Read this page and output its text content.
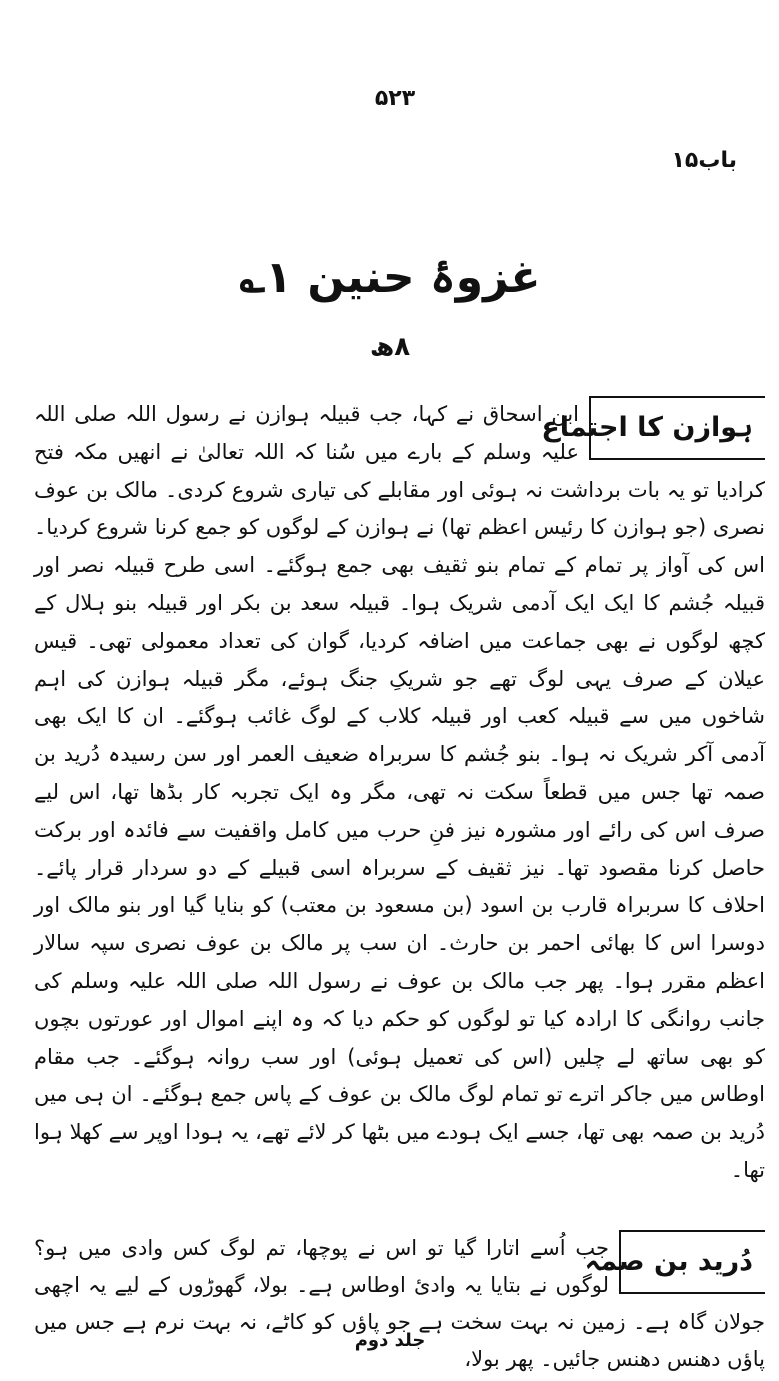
۵۲۳
باب۱۵
غزوۂ حنین ۱؎
۸ھ
ہوازن کا اجتماع

ابن اسحاق نے کہا، جب قبیلہ ہوازن نے رسول اللہ صلی اللہ علیہ وسلم کے بارے میں سُنا کہ اللہ تعالیٰ نے انھیں مکہ فتح کرادیا تو یہ بات برداشت نہ ہوئی اور مقابلے کی تیاری شروع کردی۔ مالک بن عوف نصری (جو ہوازن کا رئیس اعظم تھا) نے ہوازن کے لوگوں کو جمع کرنا شروع کردیا۔ اس کی آواز پر تمام کے تمام بنو ثقیف بھی جمع ہوگئے۔ اسی طرح قبیلہ نصر اور قبیلہ جُشم کا ایک ایک آدمی شریک ہوا۔ قبیلہ سعد بن بکر اور قبیلہ بنو ہلال کے کچھ لوگوں نے بھی جماعت میں اضافہ کردیا، گوان کی تعداد معمولی تھی۔ قیس عیلان کے صرف یہی لوگ تھے جو شریکِ جنگ ہوئے، مگر قبیلہ ہوازن کی اہم شاخوں میں سے قبیلہ کعب اور قبیلہ کلاب کے لوگ غائب ہوگئے۔ ان کا ایک بھی آدمی آکر شریک نہ ہوا۔ بنو جُشم کا سربراہ ضعیف العمر اور سن رسیدہ دُرید بن صمہ تھا جس میں قطعاً سکت نہ تھی، مگر وہ ایک تجربہ کار بڈھا تھا، اس لیے صرف اس کی رائے اور مشورہ نیز فنِ حرب میں کامل واقفیت سے فائدہ اور برکت حاصل کرنا مقصود تھا۔ نیز ثقیف کے سربراہ اسی قبیلے کے دو سردار قرار پائے۔ احلاف کا سربراہ قارب بن اسود (بن مسعود بن معتب) کو بنایا گیا اور بنو مالک اور دوسرا اس کا بھائی احمر بن حارث۔ ان سب پر مالک بن عوف نصری سپہ سالار اعظم مقرر ہوا۔ پھر جب مالک بن عوف نے رسول اللہ صلی اللہ علیہ وسلم کی جانب روانگی کا ارادہ کیا تو لوگوں کو حکم دیا کہ وہ اپنے اموال اور عورتوں بچوں کو بھی ساتھ لے چلیں (اس کی تعمیل ہوئی) اور سب روانہ ہوگئے۔ جب مقام اوطاس میں جاکر اترے تو تمام لوگ مالک بن عوف کے پاس جمع ہوگئے۔ ان ہی میں دُرید بن صمہ بھی تھا، جسے ایک ہودے میں بٹھا کر لائے تھے، یہ ہودا اوپر سے کھلا ہوا تھا۔

دُرید بن صمہ

جب اُسے اتارا گیا تو اس نے پوچھا، تم لوگ کس وادی میں ہو؟ لوگوں نے بتایا یہ وادیٔ اوطاس ہے۔ بولا، گھوڑوں کے لیے یہ اچھی جولان گاہ ہے۔ زمین نہ بہت سخت ہے جو پاؤں کو کاٹے، نہ بہت نرم ہے جس میں پاؤں دھنس دھنس جائیں۔ پھر بولا،

جلد دوم
